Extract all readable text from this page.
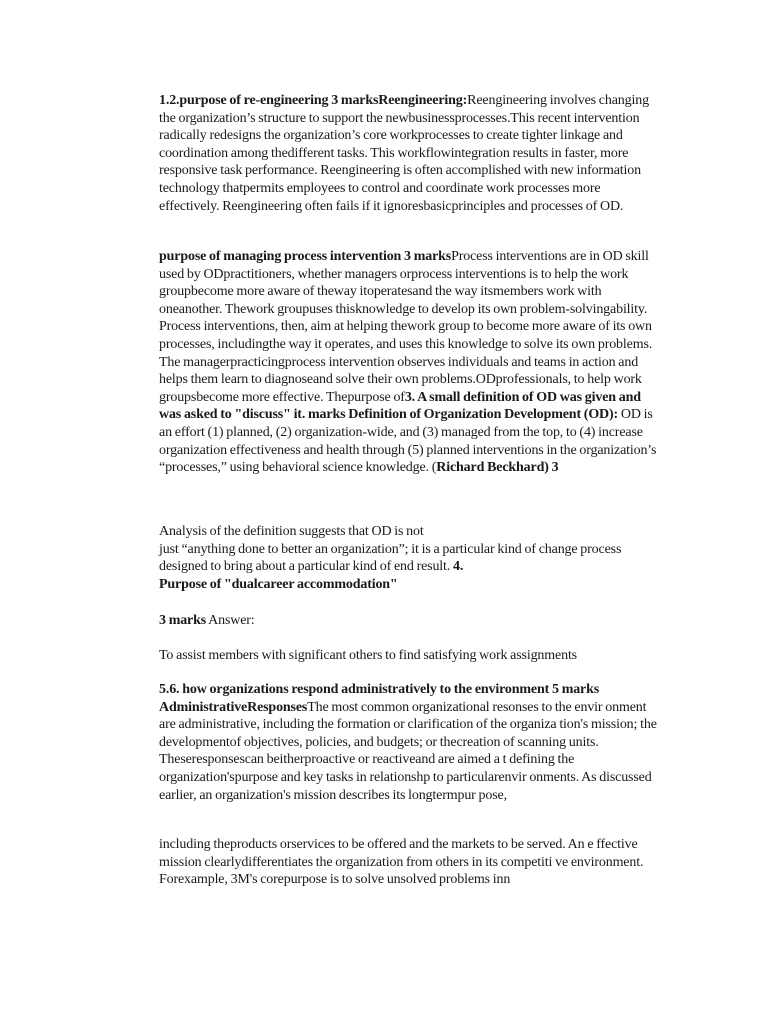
1.2.purpose of re-engineering 3 marksReengineering:Reengineering involves changing the organization’s structure to support the newbusinessprocesses.This recent intervention radically redesigns the organization’s core workprocesses to create tighter linkage and coordination among thedifferent tasks. This workflowintegration results in faster, more responsive task performance. Reengineering is often accomplished with new information technology thatpermits employees to control and coordinate work processes more effectively. Reengineering often fails if it ignoresbasicprinciples and processes of OD.
purpose of managing process intervention 3 marksProcess interventions are in OD skill used by ODpractitioners, whether managers orprocess interventions is to help the work groupbecome more aware of theway itoperatesand the way itsmembers work with oneanother. Thework groupuses thisknowledge to develop its own problem-solvingability. Process interventions, then, aim at helping thework group to become more aware of its own processes, includingthe way it operates, and uses this knowledge to solve its own problems. The managerpracticingprocess intervention observes individuals and teams in action and helps them learn to diagnoseand solve their own problems.ODprofessionals, to help work groupsbecome more effective. Thepurpose of3. A small definition of OD was given and was asked to "discuss" it. marks Definition of Organization Development (OD): OD is an effort (1) planned, (2) organization-wide, and (3) managed from the top, to (4) increase organization effectiveness and health through (5) planned interventions in the organization’s “processes,” using behavioral science knowledge. (Richard Beckhard) 3
Analysis of the definition suggests that OD is not
just “anything done to better an organization”; it is a particular kind of change process designed to bring about a particular kind of end result. 4.
Purpose of "dualcareer accommodation"
3 marks Answer:
To assist members with significant others to find satisfying work assignments
5.6. how organizations respond administratively to the environment 5 marks AdministrativeResponsesThe most common organizational resonses to the envir onment are administrative, including the formation or clarification of the organiza tion's mission; the developmentof objectives, policies, and budgets; or thecreation of scanning units. Theseresponsescan beitherproactive or reactiveand are aimed a t defining the organization'spurpose and key tasks in relationshp to particularenvir onments. As discussed earlier, an organization's mission describes its longtermpur pose,
including theproducts orservices to be offered and the markets to be served. An e ffective mission clearlydifferentiates the organization from others in its competiti ve environment. Forexample, 3M's corepurpose is to solve unsolved problems inn
